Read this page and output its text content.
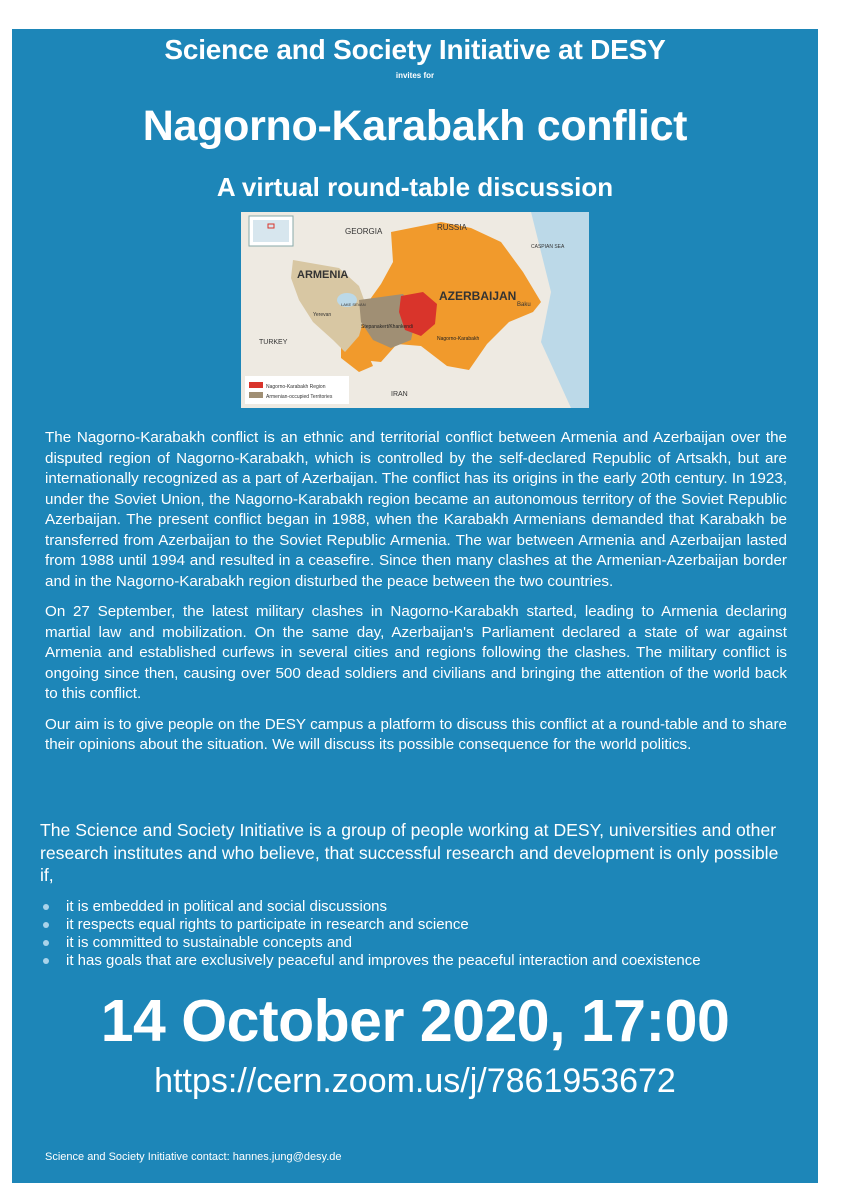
Science and Society Initiative at DESY
invites for
Nagorno-Karabakh conflict
A virtual round-table discussion
Nagorno-Karabakh Region
Armenian-occupied Territories
GEORGIA	RUSSIA
CASPIAN SEA
ARMENIA
AZERBAIJAN
Baku
Yerevan
LAKE SEVAN
Stepanakert/Khankendi
Nagorno-Karabakh
TURKEY
IRAN

The Nagorno-Karabakh conflict is an ethnic and territorial conflict between Armenia and Azerbaijan over the disputed region of Nagorno-Karabakh, which is controlled by the self-declared Republic of Artsakh, but are internationally recognized as a part of Azerbaijan. The conflict has its origins in the early 20th century. In 1923, under the Soviet Union, the Nagorno-Karabakh region became an autonomous territory of the Soviet Republic Azerbaijan. The present conflict began in 1988, when the Karabakh Armenians demanded that Karabakh be transferred from Azerbaijan to the Soviet Republic Armenia. The war between Armenia and Azerbaijan lasted from 1988 until 1994 and resulted in a ceasefire. Since then many clashes at the Armenian-Azerbaijan border and in the Nagorno-Karabakh region disturbed the peace between the two countries.

On 27 September, the latest military clashes in Nagorno-Karabakh started, leading to Armenia declaring martial law and mobilization. On the same day, Azerbaijan's Parliament declared a state of war against Armenia and established curfews in several cities and regions following the clashes. The military conflict is ongoing since then, causing over 500 dead soldiers and civilians and bringing the attention of the world back to this conflict.

Our aim is to give people on the DESY campus a platform to discuss this conflict at a round-table and to share their opinions about the situation. We will discuss its possible consequence for the world politics.

The Science and Society Initiative is a group of people working at DESY, universities and other research institutes and who believe, that successful research and development is only possible if,
it is embedded in political and social discussions
it respects equal rights to participate in research and science
it is committed to sustainable concepts and
it has goals that are exclusively peaceful and improves the peaceful interaction and coexistence
14 October 2020, 17:00
https://cern.zoom.us/j/7861953672
Science and Society Initiative contact: hannes.jung@desy.de
